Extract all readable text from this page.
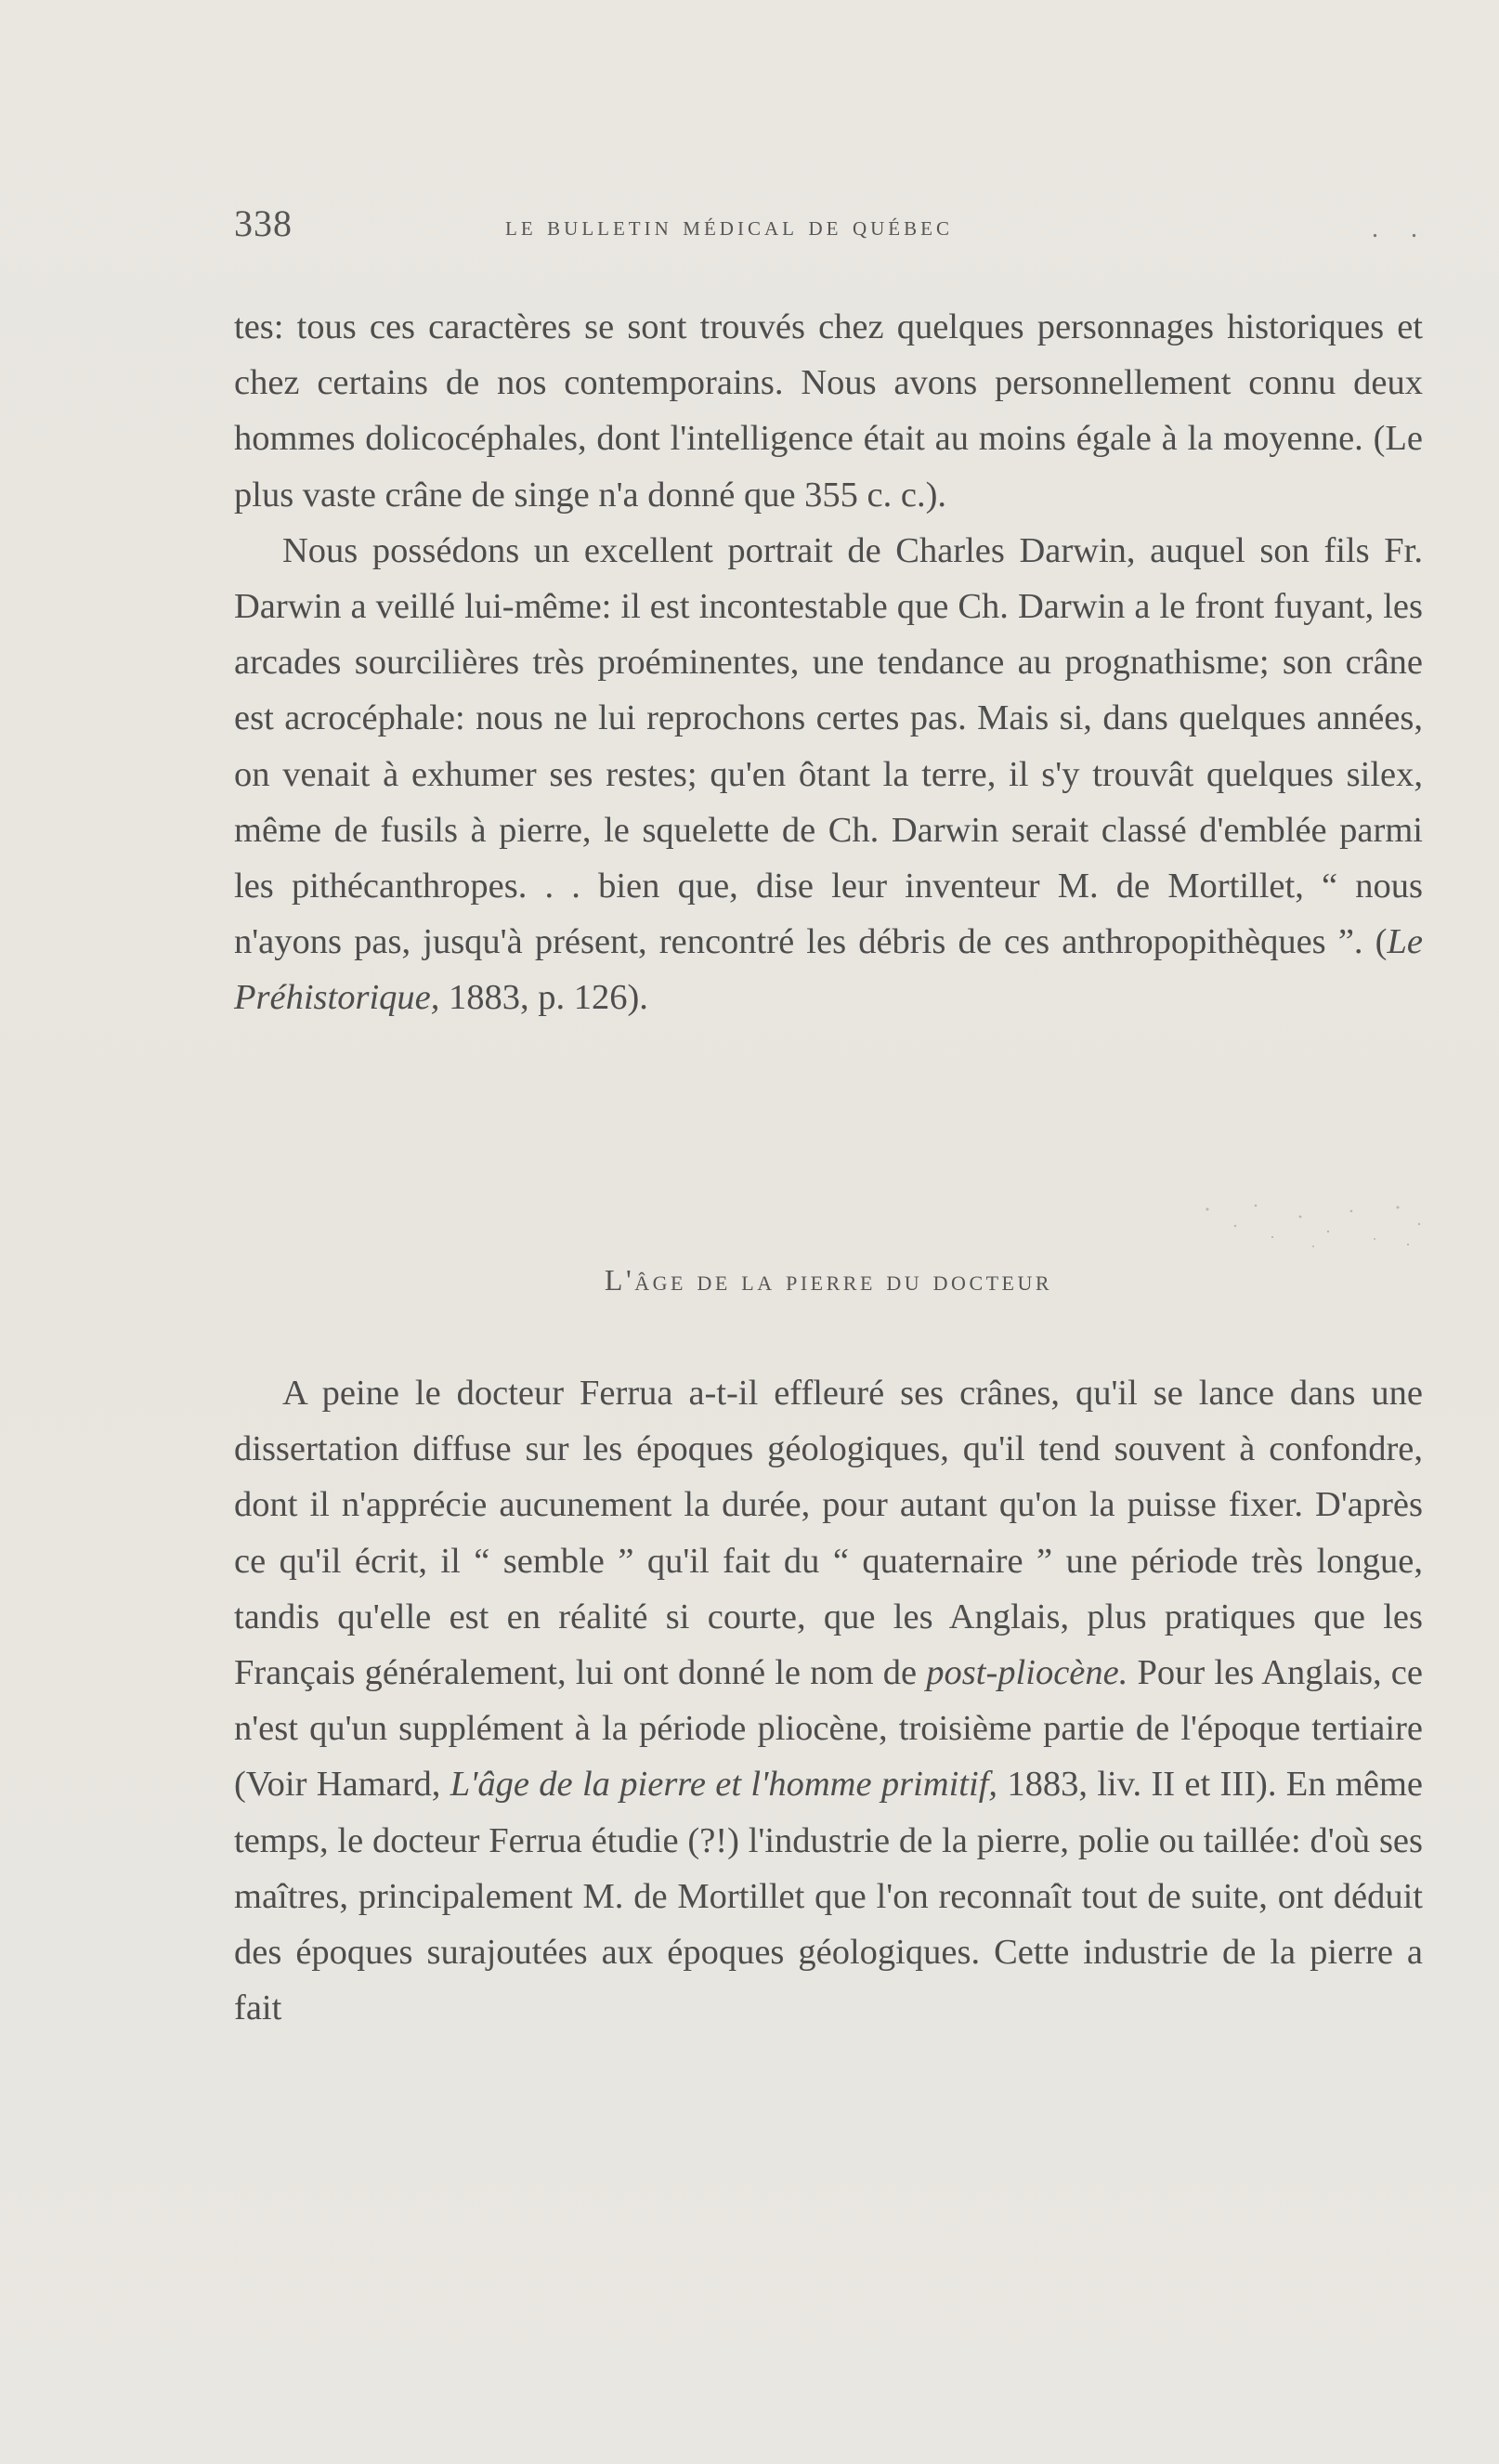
338	le bulletin médical de québec	. .

tes: tous ces caractères se sont trouvés chez quelques personnages historiques et chez certains de nos contemporains. Nous avons personnellement connu deux hommes dolicocéphales, dont l'intelligence était au moins égale à la moyenne. (Le plus vaste crâne de singe n'a donné que 355 c. c.).

Nous possédons un excellent portrait de Charles Darwin, auquel son fils Fr. Darwin a veillé lui-même: il est incontestable que Ch. Darwin a le front fuyant, les arcades sourcilières très proéminentes, une tendance au prognathisme; son crâne est acrocéphale: nous ne lui reprochons certes pas. Mais si, dans quelques années, on venait à exhumer ses restes; qu'en ôtant la terre, il s'y trouvât quelques silex, même de fusils à pierre, le squelette de Ch. Darwin serait classé d'emblée parmi les pithécanthropes. . . bien que, dise leur inventeur M. de Mortillet, “ nous n'ayons pas, jusqu'à présent, rencontré les débris de ces anthropopithèques ”. (Le Préhistorique, 1883, p. 126).

L'âge de la pierre du docteur

A peine le docteur Ferrua a-t-il effleuré ses crânes, qu'il se lance dans une dissertation diffuse sur les époques géologiques, qu'il tend souvent à confondre, dont il n'apprécie aucunement la durée, pour autant qu'on la puisse fixer. D'après ce qu'il écrit, il “ semble ” qu'il fait du “ quaternaire ” une période très longue, tandis qu'elle est en réalité si courte, que les Anglais, plus pratiques que les Français généralement, lui ont donné le nom de post-pliocène. Pour les Anglais, ce n'est qu'un supplément à la période pliocène, troisième partie de l'époque tertiaire (Voir Hamard, L'âge de la pierre et l'homme primitif, 1883, liv. II et III). En même temps, le docteur Ferrua étudie (?!) l'industrie de la pierre, polie ou taillée: d'où ses maîtres, principalement M. de Mortillet que l'on reconnaît tout de suite, ont déduit des époques surajoutées aux époques géologiques. Cette industrie de la pierre a fait
